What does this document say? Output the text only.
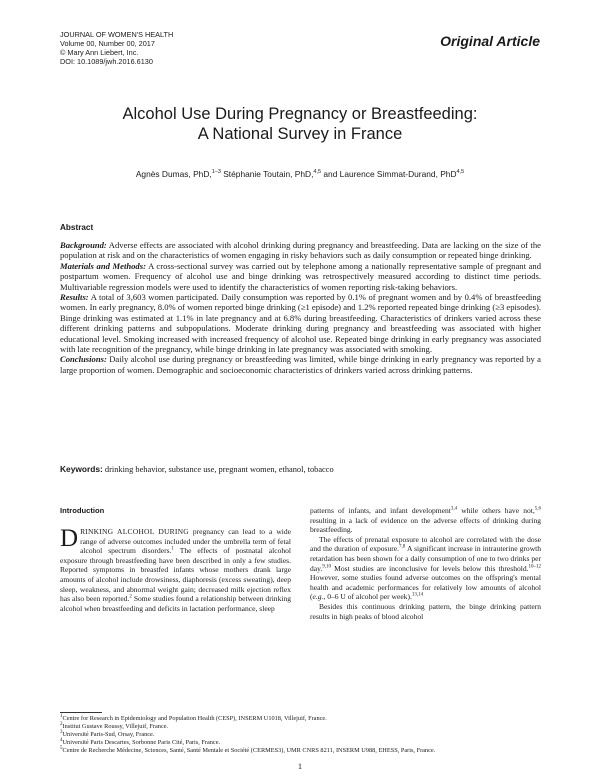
JOURNAL OF WOMEN'S HEALTH
Volume 00, Number 00, 2017
© Mary Ann Liebert, Inc.
DOI: 10.1089/jwh.2016.6130
Original Article
Alcohol Use During Pregnancy or Breastfeeding:
A National Survey in France
Agnès Dumas, PhD,$^{1-3}$ Stéphanie Toutain, PhD,$^{4,5}$ and Laurence Simmat-Durand, PhD$^{4,5}$
Abstract

Background: Adverse effects are associated with alcohol drinking during pregnancy and breastfeeding. Data are lacking on the size of the population at risk and on the characteristics of women engaging in risky behaviors such as daily consumption or repeated binge drinking.

Materials and Methods: A cross-sectional survey was carried out by telephone among a nationally representative sample of pregnant and postpartum women. Frequency of alcohol use and binge drinking was retrospectively measured according to distinct time periods. Multivariable regression models were used to identify the characteristics of women reporting risk-taking behaviors.

Results: A total of 3,603 women participated. Daily consumption was reported by 0.1% of pregnant women and by 0.4% of breastfeeding women. In early pregnancy, 8.0% of women reported binge drinking (≥1 episode) and 1.2% reported repeated binge drinking (≥3 episodes). Binge drinking was estimated at 1.1% in late pregnancy and at 6.8% during breastfeeding. Characteristics of drinkers varied across these different drinking patterns and subpopulations. Moderate drinking during pregnancy and breastfeeding was associated with higher educational level. Smoking increased with increased frequency of alcohol use. Repeated binge drinking in early pregnancy was associated with late recognition of the pregnancy, while binge drinking in late pregnancy was associated with smoking.

Conclusions: Daily alcohol use during pregnancy or breastfeeding was limited, while binge drinking in early pregnancy was reported by a large proportion of women. Demographic and socioeconomic characteristics of drinkers varied across drinking patterns.

Keywords: drinking behavior, substance use, pregnant women, ethanol, tobacco
Introduction

DRINKING ALCOHOL DURING pregnancy can lead to a wide range of adverse outcomes included under the umbrella term of fetal alcohol spectrum disorders.$^1$ The effects of postnatal alcohol exposure through breastfeeding have been described in only a few studies. Reported symptoms in breastfed infants whose mothers drank large amounts of alcohol include drowsiness, diaphoresis (excess sweating), deep sleep, weakness, and abnormal weight gain; decreased milk ejection reflex has also been reported.$^2$ Some studies found a relationship between drinking alcohol when breastfeeding and deficits in lactation performance, sleep

patterns of infants, and infant development$^{3,4}$ while others have not,$^{5,6}$ resulting in a lack of evidence on the adverse effects of drinking during breastfeeding.

The effects of prenatal exposure to alcohol are correlated with the dose and the duration of exposure.$^{7,8}$ A significant increase in intrauterine growth retardation has been shown for a daily consumption of one to two drinks per day.$^{9,10}$ Most studies are inconclusive for levels below this threshold.$^{10-12}$ However, some studies found adverse outcomes on the offspring's mental health and academic performances for relatively low amounts of alcohol (e.g., 0–6 U of alcohol per week).$^{13,14}$

Besides this continuous drinking pattern, the binge drinking pattern results in high peaks of blood alcohol

$^1$Centre for Research in Epidemiology and Population Health (CESP), INSERM U1018, Villejuif, France.
$^2$Institut Gustave Roussy, Villejuif, France.
$^3$Université Paris-Sud, Orsay, France.
$^4$Université Paris Descartes, Sorbonne Paris Cité, Paris, France.
$^5$Centre de Recherche Médecine, Sciences, Santé, Santé Mentale et Société (CERMES3), UMR CNRS 8211, INSERM U988, EHESS, Paris, France.
1
